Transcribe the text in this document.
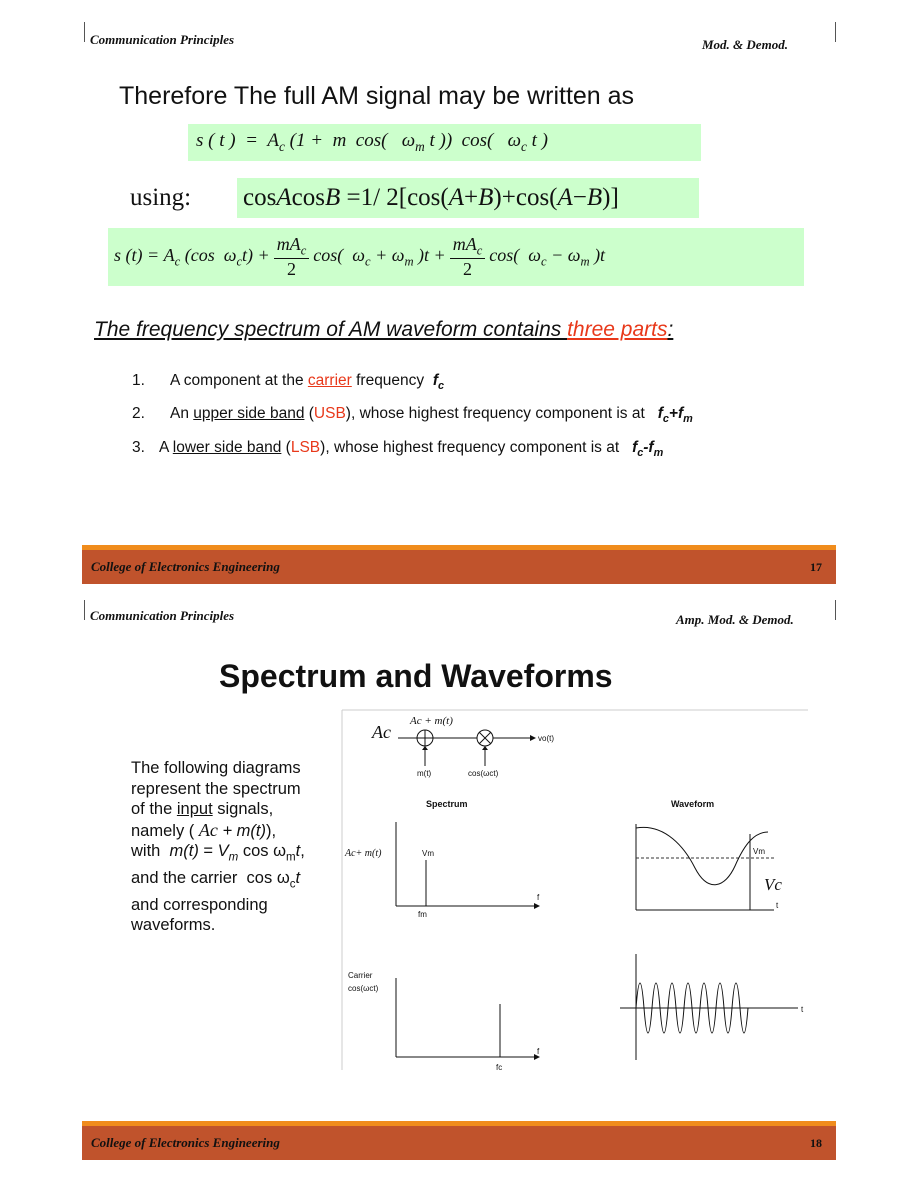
Communication Principles	Mod. & Demod.
Therefore The full AM signal may be written as
s ( t )  =  $A_c$ (1 +  m  cos(   $\omega_m$ t ))  cos(   $\omega_c$ t )
using: cosAcosB =1/ 2[cos(A+B)+cos(A−B)]
s $(t) = A_c$ (cos  $\omega_ct$) +
$mA_c$
2
cos(  $\omega_c + \omega_m$ )t +
$mA_c$
2
cos(  $\omega_c - \omega_m$ )t
The frequency spectrum of AM waveform contains three parts:
1. A component at the carrier frequency $f_c$
2. An upper side band (USB), whose highest frequency component is at $f_c+f_m$
3. A lower side band (LSB), whose highest frequency component is at $f_c-f_m$
College of Electronics Engineering	17
Communication Principles	Amp. Mod. & Demod.
Spectrum and Waveforms
The following diagrams
represent the spectrum
of the input signals,
namely ( Ac + m(t)),
with $m(t) = V_m$ $\cos \omega_mt$,
and the carrier  $\cos \omega_ct$
and corresponding
waveforms.
Ac
Ac + m(t)
vo(t)
m(t)	cos(ωct)
Spectrum	Waveform
Ac+ m(t)	Vm
fm
f
Vm
Vc
t
Carrier
cos(ωct)
fc
f
t
College of Electronics Engineering	18
